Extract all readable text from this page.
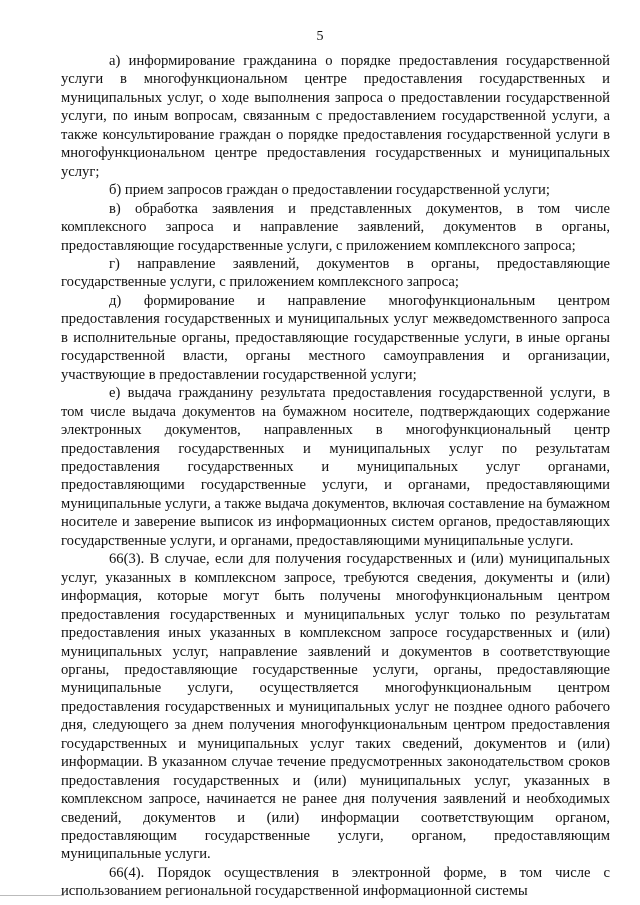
5

а) информирование гражданина о порядке предоставления государственной услуги в многофункциональном центре предоставления государственных и муниципальных услуг, о ходе выполнения запроса о предоставлении государственной услуги, по иным вопросам, связанным с предоставлением государственной услуги, а также консультирование граждан о порядке предоставления государственной услуги в многофункциональном центре предоставления государственных и муниципальных услуг;

б) прием запросов граждан о предоставлении государственной услуги;

в) обработка заявления и представленных документов, в том числе комплексного запроса и направление заявлений, документов в органы, предоставляющие государственные услуги, с приложением комплексного запроса;

г) направление заявлений, документов в органы, предоставляющие государственные услуги, с приложением комплексного запроса;

д) формирование и направление многофункциональным центром предоставления государственных и муниципальных услуг межведомственного запроса в исполнительные органы, предоставляющие государственные услуги, в иные органы государственной власти, органы местного самоуправления и организации, участвующие в предоставлении государственной услуги;

е) выдача гражданину результата предоставления государственной услуги, в том числе выдача документов на бумажном носителе, подтверждающих содержание электронных документов, направленных в многофункциональный центр предоставления государственных и муниципальных услуг по результатам предоставления государственных и муниципальных услуг органами, предоставляющими государственные услуги, и органами, предоставляющими муниципальные услуги, а также выдача документов, включая составление на бумажном носителе и заверение выписок из информационных систем органов, предоставляющих государственные услуги, и органами, предоставляющими муниципальные услуги.

66(3). В случае, если для получения государственных и (или) муниципальных услуг, указанных в комплексном запросе, требуются сведения, документы и (или) информация, которые могут быть получены многофункциональным центром предоставления государственных и муниципальных услуг только по результатам предоставления иных указанных в комплексном запросе государственных и (или) муниципальных услуг, направление заявлений и документов в соответствующие органы, предоставляющие государственные услуги, органы, предоставляющие муниципальные услуги, осуществляется многофункциональным центром предоставления государственных и муниципальных услуг не позднее одного рабочего дня, следующего за днем получения многофункциональным центром предоставления государственных и муниципальных услуг таких сведений, документов и (или) информации. В указанном случае течение предусмотренных законодательством сроков предоставления государственных и (или) муниципальных услуг, указанных в комплексном запросе, начинается не ранее дня получения заявлений и необходимых сведений, документов и (или) информации соответствующим органом, предоставляющим государственные услуги, органом, предоставляющим муниципальные услуги.

66(4). Порядок осуществления в электронной форме, в том числе с использованием региональной государственной информационной системы
